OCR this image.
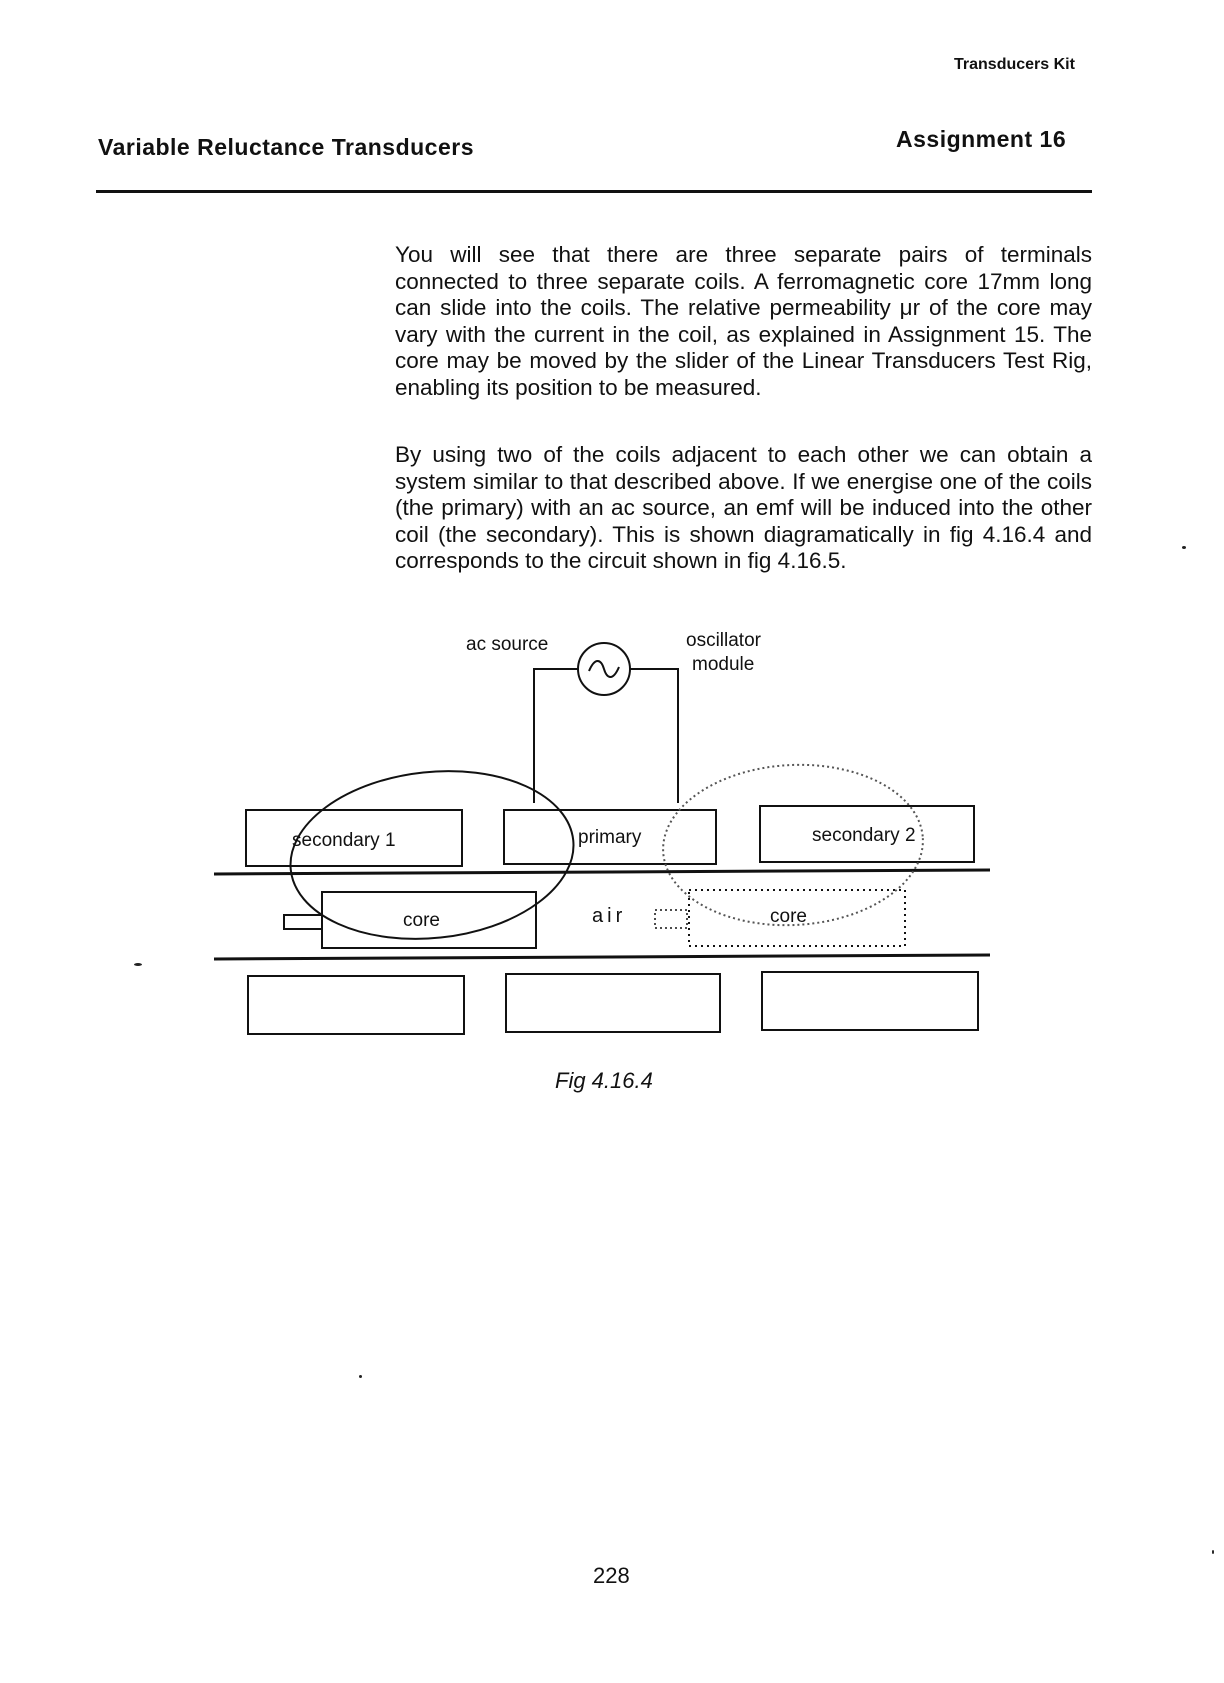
Transducers Kit
Variable Reluctance Transducers	Assignment 16

You will see that there are three separate pairs of terminals connected to three separate coils. A ferromagnetic core 17mm long can slide into the coils. The relative permeability μr of the core may vary with the current in the coil, as explained in Assignment 15. The core may be moved by the slider of the Linear Transducers Test Rig, enabling its position to be measured.

By using two of the coils adjacent to each other we can obtain a system similar to that described above. If we energise one of the coils (the primary) with an ac source, an emf will be induced into the other coil (the secondary). This is shown diagramatically in fig 4.16.4 and corresponds to the circuit shown in fig 4.16.5.

ac source	oscillator
module
secondary 1	primary	secondary 2
core	air	core
Fig 4.16.4
228
